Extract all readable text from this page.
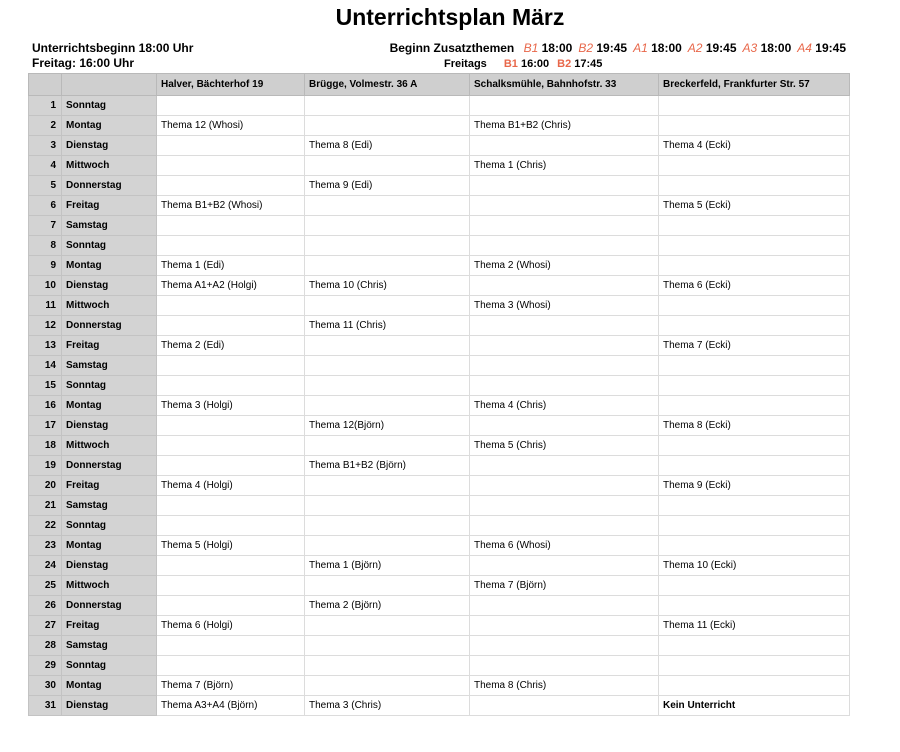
Unterrichtsplan März
Unterrichtsbeginn 18:00 Uhr
Freitag: 16:00 Uhr
Beginn Zusatzthemen B1 18:00 B2 19:45 A1 18:00 A2 19:45 A3 18:00 A4 19:45
Freitags B1 16:00 B2 17:45
		Halver, Bächterhof 19	Brügge, Volmestr. 36 A	Schalksmühle, Bahnhofstr. 33	Breckerfeld, Frankfurter Str. 57
1	Sonntag				
2	Montag	Thema 12 (Whosi)		Thema B1+B2 (Chris)	
3	Dienstag		Thema 8 (Edi)		Thema 4 (Ecki)
4	Mittwoch			Thema 1 (Chris)	
5	Donnerstag		Thema 9 (Edi)		
6	Freitag	Thema B1+B2 (Whosi)			Thema 5 (Ecki)
7	Samstag				
8	Sonntag				
9	Montag	Thema 1 (Edi)		Thema 2 (Whosi)	
10	Dienstag	Thema A1+A2 (Holgi)	Thema 10 (Chris)		Thema 6 (Ecki)
11	Mittwoch			Thema 3 (Whosi)	
12	Donnerstag		Thema 11 (Chris)		
13	Freitag	Thema 2 (Edi)			Thema 7 (Ecki)
14	Samstag				
15	Sonntag				
16	Montag	Thema 3 (Holgi)		Thema 4 (Chris)	
17	Dienstag		Thema 12(Björn)		Thema 8 (Ecki)
18	Mittwoch			Thema 5 (Chris)	
19	Donnerstag		Thema B1+B2 (Björn)		
20	Freitag	Thema 4 (Holgi)			Thema 9 (Ecki)
21	Samstag				
22	Sonntag				
23	Montag	Thema 5 (Holgi)		Thema 6 (Whosi)	
24	Dienstag		Thema 1 (Björn)		Thema 10 (Ecki)
25	Mittwoch			Thema 7 (Björn)	
26	Donnerstag		Thema 2 (Björn)		
27	Freitag	Thema 6 (Holgi)			Thema 11 (Ecki)
28	Samstag				
29	Sonntag				
30	Montag	Thema 7 (Björn)		Thema 8 (Chris)	
31	Dienstag	Thema A3+A4 (Björn)	Thema 3 (Chris)		Kein Unterricht
